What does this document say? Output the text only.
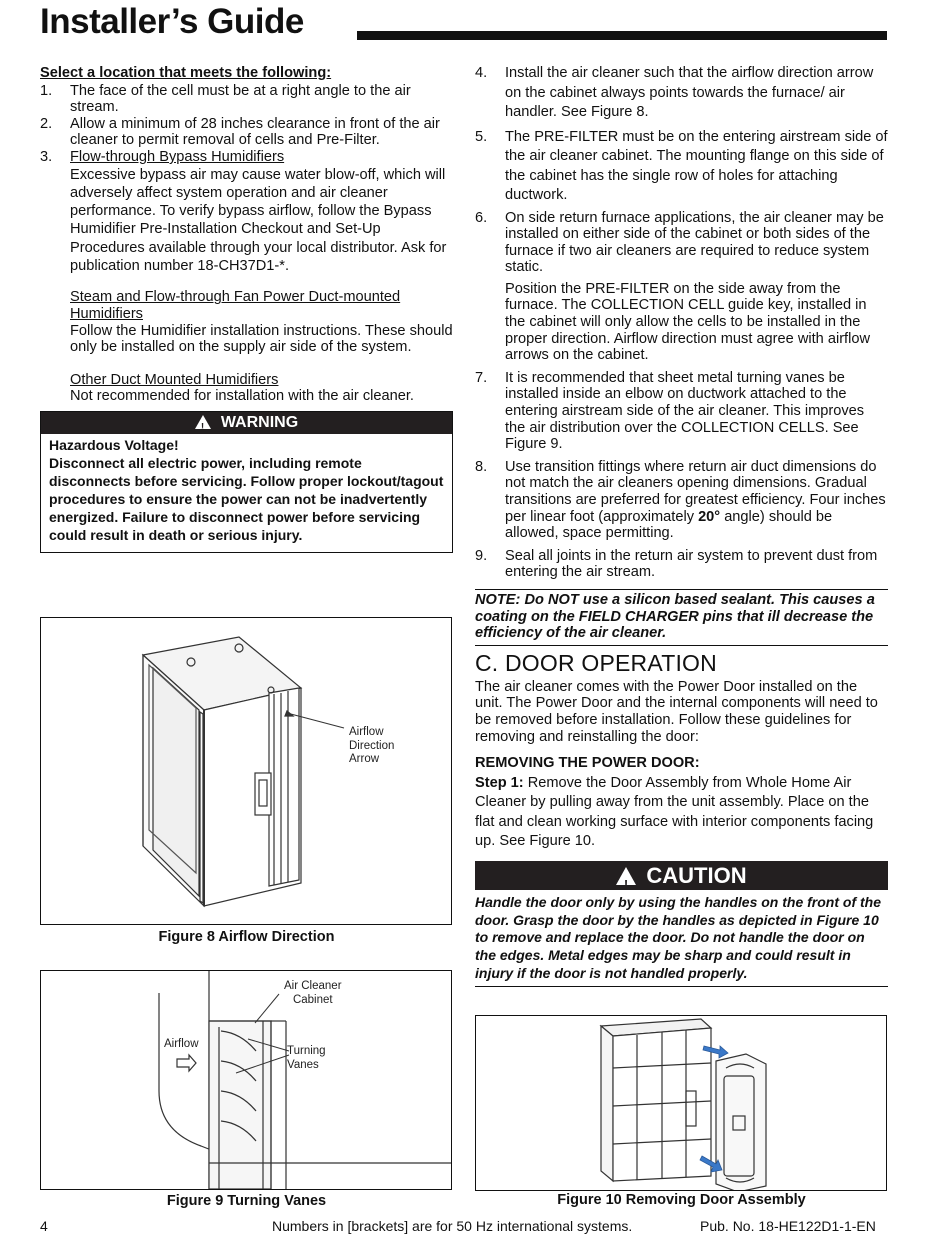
Installer’s Guide
Select a location that meets the following:
1. The face of the cell must be at a right angle to the air stream.
2. Allow a minimum of 28 inches clearance in front of the air cleaner to permit removal of cells and Pre-Filter.
3. Flow-through Bypass Humidifiers
Excessive bypass air may cause water blow-off, which will adversely affect system operation and air cleaner performance. To verify bypass airflow, follow the Bypass Humidifier Pre-Installation Checkout and Set-Up Procedures available through your local distributor. Ask for publication number 18-CH37D1-*.
Steam and Flow-through Fan Power Duct-mounted Humidifiers
Follow the Humidifier installation instructions. These should only be installed on the supply air side of the system.
Other Duct Mounted Humidifiers
Not recommended for installation with the air cleaner.
!WARNING
Hazardous Voltage!
Disconnect all electric power, including remote disconnects before servicing. Follow proper lockout/tagout procedures to ensure the power can not be inadvertently energized. Failure to disconnect power before servicing could result in death or serious injury.
4. Install the air cleaner such that the airflow direction arrow on the cabinet always points towards the furnace/ air handler. See Figure 8.
5. The PRE-FILTER must be on the entering airstream side of the air cleaner cabinet. The mounting flange on this side of the cabinet has the single row of holes for attaching ductwork.
6. On side return furnace applications, the air cleaner may be installed on either side of the cabinet or both sides of the furnace if two air cleaners are required to reduce system static.
Position the PRE-FILTER on the side away from the furnace. The COLLECTION CELL guide key, installed in the cabinet will only allow the cells to be installed in the proper direction. Airflow direction must agree with airflow arrows on the cabinet.
7. It is recommended that sheet metal turning vanes be installed inside an elbow on ductwork attached to the entering airstream side of the air cleaner. This improves the air distribution over the COLLECTION CELLS. See Figure 9.
8. Use transition fittings where return air duct dimensions do not match the air cleaners opening dimensions. Gradual transitions are preferred for greatest efficiency. Four inches per linear foot (approximately 20° angle) should be allowed, space permitting.
9. Seal all joints in the return air system to prevent dust from entering the air stream.
NOTE: Do NOT use a silicon based sealant. This causes a coating on the FIELD CHARGER pins that ill decrease the efficiency of the air cleaner.
C. DOOR OPERATION
The air cleaner comes with the Power Door installed on the unit. The Power Door and the internal components will need to be removed before installation. Follow these guidelines for removing and reinstalling the door:
REMOVING THE POWER DOOR:
Step 1: Remove the Door Assembly from Whole Home Air Cleaner by pulling away from the unit assembly. Place on the flat and clean working surface with interior components facing up. See Figure 10.
!CAUTION
Handle the door only by using the handles on the front of the door. Grasp the door by the handles as depicted in Figure 10 to remove and replace the door. Do not handle the door on the edges. Metal edges may be sharp and could result in injury if the door is not handled properly.
Airflow
Direction
Arrow
Figure 8 Airflow Direction
Air Cleaner
Cabinet
Airflow
Turning
Vanes
Figure 9 Turning Vanes	Figure 10 Removing Door Assembly
4	Numbers in [brackets] are for 50 Hz international systems.	Pub. No. 18-HE122D1-1-EN
